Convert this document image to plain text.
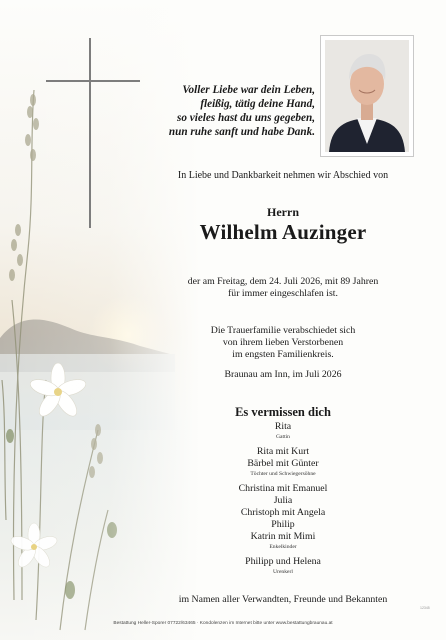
Voller Liebe war dein Leben,
fleißig, tätig deine Hand,
so vieles hast du uns gegeben,
nun ruhe sanft und habe Dank.
In Liebe und Dankbarkeit nehmen wir Abschied von
Herrn
Wilhelm Auzinger
der am Freitag, dem 24. Juli 2026, mit 89 Jahren
für immer eingeschlafen ist.
Die Trauerfamilie verabschiedet sich
von ihrem lieben Verstorbenen
im engsten Familienkreis.
Braunau am Inn, im Juli 2026
Es vermissen dich
Rita
Gattin
Rita mit Kurt
Bärbel mit Günter
Töchter und Schwiegersöhne
Christina mit Emanuel
Julia
Christoph mit Angela
Philip
Katrin mit Mimi
Enkelkinder
Philipp und Helena
Urenkerl
im Namen aller Verwandten, Freunde und Bekannten
12345
Bestattung Heller-Sporer 07722/63465 · Kondolenzen im Internet bitte unter www.bestattungbraunau.at
